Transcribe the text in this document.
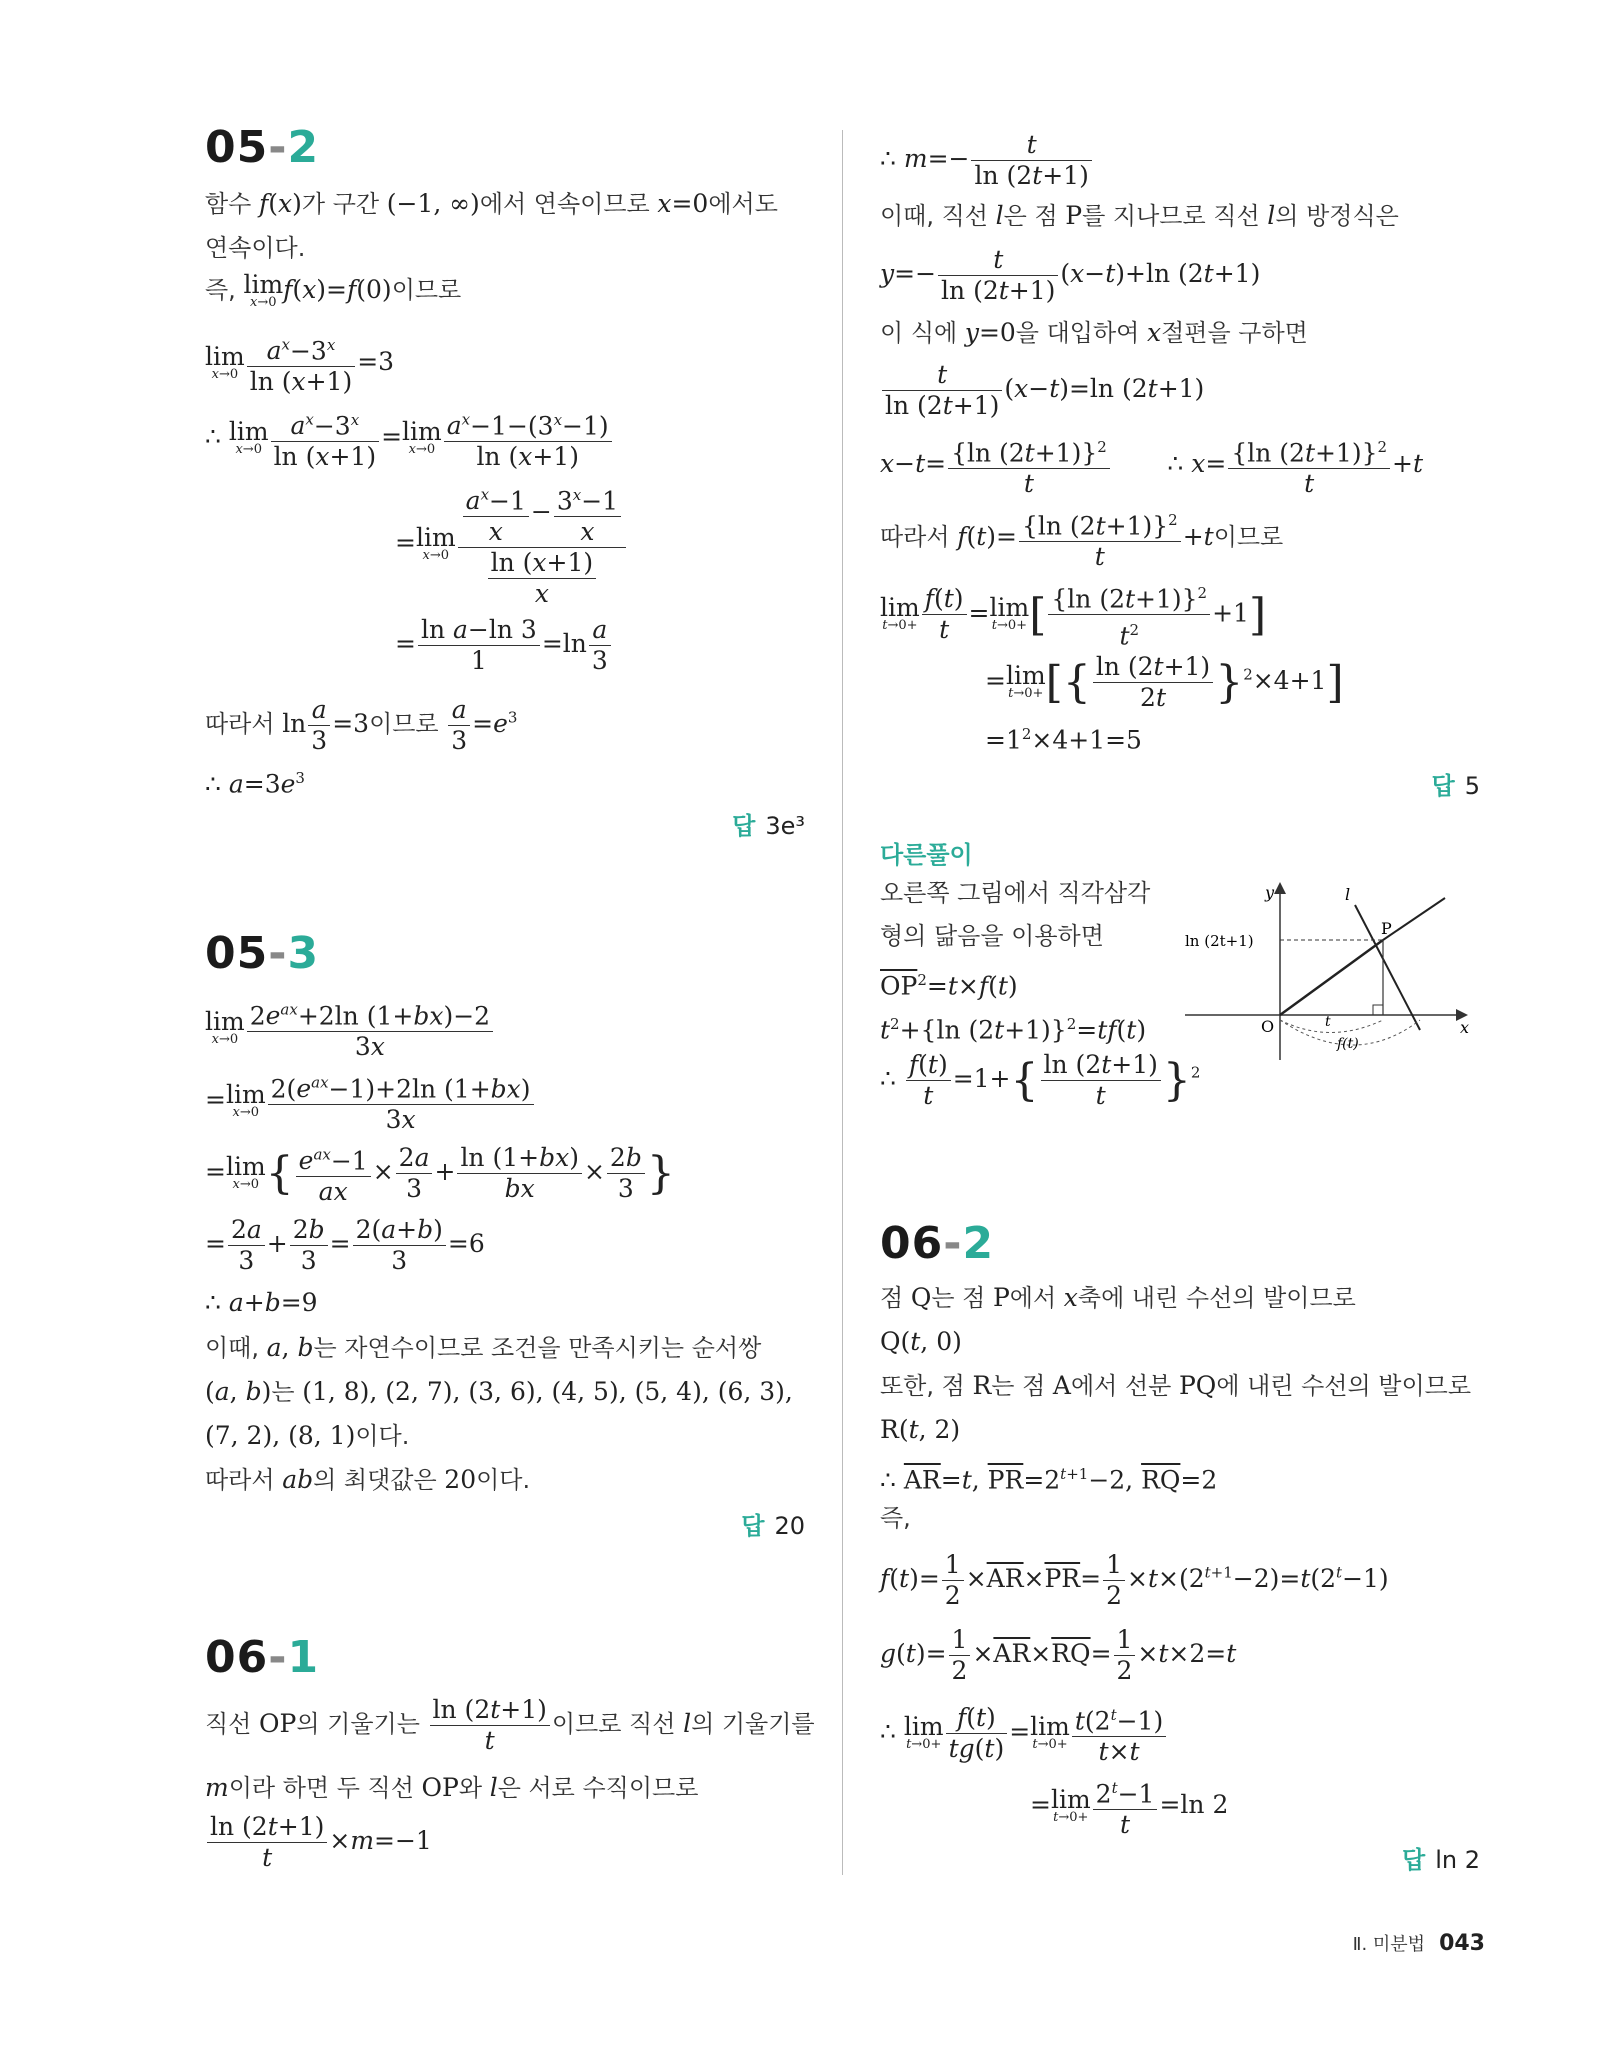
05-2
함수 f(x)가 구간 (−1, ∞)에서 연속이므로 x=0에서도
연속이다.
즉, lim
x→0 f(x)=f(0)이므로
lim
$x\to 0 \frac{a^x-3^x}{\ln (x+1)} =3$
∴ lim
$x\to 0 \frac{a^x-3^x}{\ln (x+1)} =\lim$
$x\to 0 \frac{a^x-1-(3^x-1)}{\ln (x+1)}$
=lim
$x\to 0 \frac{\frac{a^x-1}{x} - \frac{3^x-1}{x}}{\frac{\ln (x+1)}{x}}$
= $\frac{\text{ln a−ln 3}}{1} =\ln \frac{a}{3}$
따라서 $\ln \frac{a}{3} =3$이므로 $\frac{a}{3} =e^3$
∴ $a=3e^3$
답 3e³
05-3
lim
$x\to 0 \frac{2e^{ax}+2\ln (1+bx)-2}{3x}$
=lim
$x\to 0 \frac{2(e^{ax}-1)+2\ln (1+bx)}{3x}$
=lim
x→0 { $\frac{e^{ax}-1}{ax} \times \frac{2a}{3} + \frac{\ln (1+bx)}{bx} \times \frac{2b}{3}$ }
= $\frac{2a}{3} + \frac{2b}{3} = \frac{2(a+b)}{3} =6$
∴ a+b=9
이때, a, b는 자연수이므로 조건을 만족시키는 순서쌍
(a, b)는 (1, 8), (2, 7), (3, 6), (4, 5), (5, 4), (6, 3),
(7, 2), (8, 1)이다.
따라서 ab의 최댓값은 20이다.
답 20
06-1
직선 OP의 기울기는 $\frac{\ln (2t+1)}{t}$ 이므로 직선 l의 기울기를
m이라 하면 두 직선 OP와 l은 서로 수직이므로
$\frac{\ln (2t+1)}{t} \times m=-1$
∴ $m=- \frac{t}{\ln (2t+1)}$
이때, 직선 l은 점 P를 지나므로 직선 l의 방정식은
$y=- \frac{t}{\ln (2t+1)} (x-t)+\ln$ (2t+1)
이 식에 y=0을 대입하여 x절편을 구하면
$\frac{t}{\ln (2t+1)} (x-t)=\ln$ (2t+1)
$x-t= \frac{\{\ln (2t+1)\}^2}{t}$ ∴ $x= \frac{\{\ln (2t+1)\}^2}{t} +t$
따라서 $f(t)= \frac{\{\ln (2t+1)\}^2}{t} +t$이므로
lim
$t\to 0+ \frac{f(t)}{t} =\lim$
t→0+ [ $\frac{\{\ln (2t+1)\}^2}{t^2} +1$]
=lim
t→0+ [{ $\frac{\ln (2t+1)}{2t} \}^2\times 4+1$]
$=1^2\times 4+1=5$
답 5
다른풀이
오른쪽 그림에서 직각삼각
형의 닮음을 이용하면
$\overline{OP}^2=t\times f(t)$
$t^2+\{\ln$ (2t+1)}$^2$=tf(t)
∴ $\frac{f(t)}{t} =1+\{ \frac{\ln (2t+1)}{t} \}^2$
y
x
l
P
O
ln (2t+1)
t
f(t)
06-2
점 Q는 점 P에서 x축에 내린 수선의 발이므로
Q(t, 0)
또한, 점 R는 점 A에서 선분 PQ에 내린 수선의 발이므로
R(t, 2)
∴ $\overline{AR}=t$, $\overline{PR}=2^{t+1}-2$, $\overline{RQ}=2$
즉,
$f(t)= \frac{1}{2} \times\overline{AR}\times\overline{PR}= \frac{1}{2} \times t\times(2^{t+1}-2)=t(2^t-1)$
$g(t)= \frac{1}{2} \times\overline{AR}\times\overline{RQ}= \frac{1}{2} \times t\times 2=t$
∴ lim
$t\to 0+ \frac{f(t)}{tg(t)} =\lim$
$t\to 0+ \frac{t(2^t-1)}{t\times t}$
=lim
$t\to 0+ \frac{2^t-1}{t} =\ln$ 2
답 ln 2
Ⅱ. 미분법 043
